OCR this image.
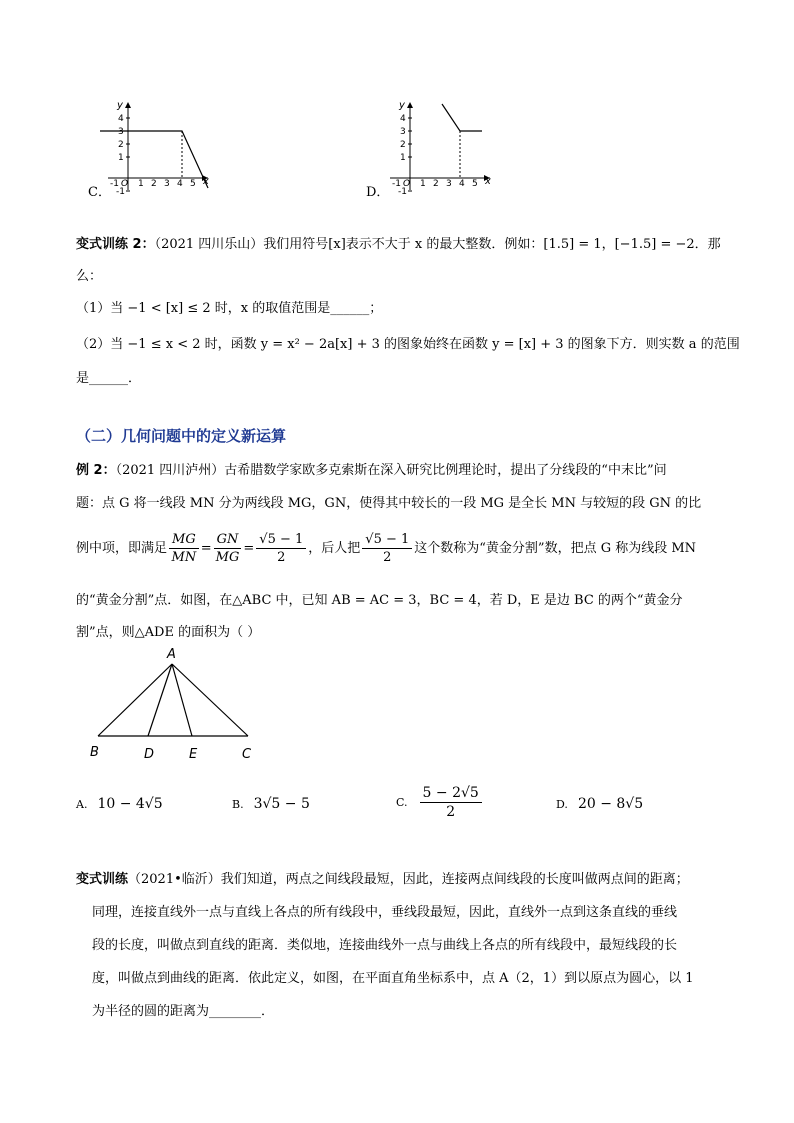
y
x
4
3
2
1
-1
-1 O 1 2 3 4 5
C．
y
x
4
3
2
1
-1
-1 O 1 2 3 4 5
D．
变式训练 2：（2021 四川乐山）我们用符号[x]表示不大于 x 的最大整数．例如：[1.5] = 1，[−1.5] = −2．那
么：
（1）当 −1 < [x] ≤ 2 时，x 的取值范围是______；
（2）当 −1 ≤ x < 2 时，函数 y = x² − 2a[x] + 3 的图象始终在函数 y = [x] + 3 的图象下方．则实数 a 的范围
是______．
（二）几何问题中的定义新运算
例 2：（2021 四川泸州）古希腊数学家欧多克索斯在深入研究比例理论时，提出了分线段的“中末比”问
题：点 G 将一线段 MN 分为两线段 MG，GN，使得其中较长的一段 MG 是全长 MN 与较短的段 GN 的比
例中项，即满足 $\frac{MG}{MN} = \frac{GN}{MG} = \frac{√5 - 1}{2}$ ，后人把 $\frac{√5 - 1}{2}$ 这个数称为“黄金分割”数，把点 G 称为线段 MN
的“黄金分割”点．如图，在△ABC 中，已知 AB = AC = 3，BC = 4，若 D，E 是边 BC 的两个“黄金分
割”点，则△ADE 的面积为（ ）
A
B	D	E	C
A. 10 − 4√5	B. 3√5 − 5	C. $\frac{5 - 2√5}{2}$	D. 20 − 8√5
变式训练（2021•临沂）我们知道，两点之间线段最短，因此，连接两点间线段的长度叫做两点间的距离；
同理，连接直线外一点与直线上各点的所有线段中，垂线段最短，因此，直线外一点到这条直线的垂线
段的长度，叫做点到直线的距离．类似地，连接曲线外一点与曲线上各点的所有线段中，最短线段的长
度，叫做点到曲线的距离．依此定义，如图，在平面直角坐标系中，点 A（2，1）到以原点为圆心，以 1
为半径的圆的距离为________．
